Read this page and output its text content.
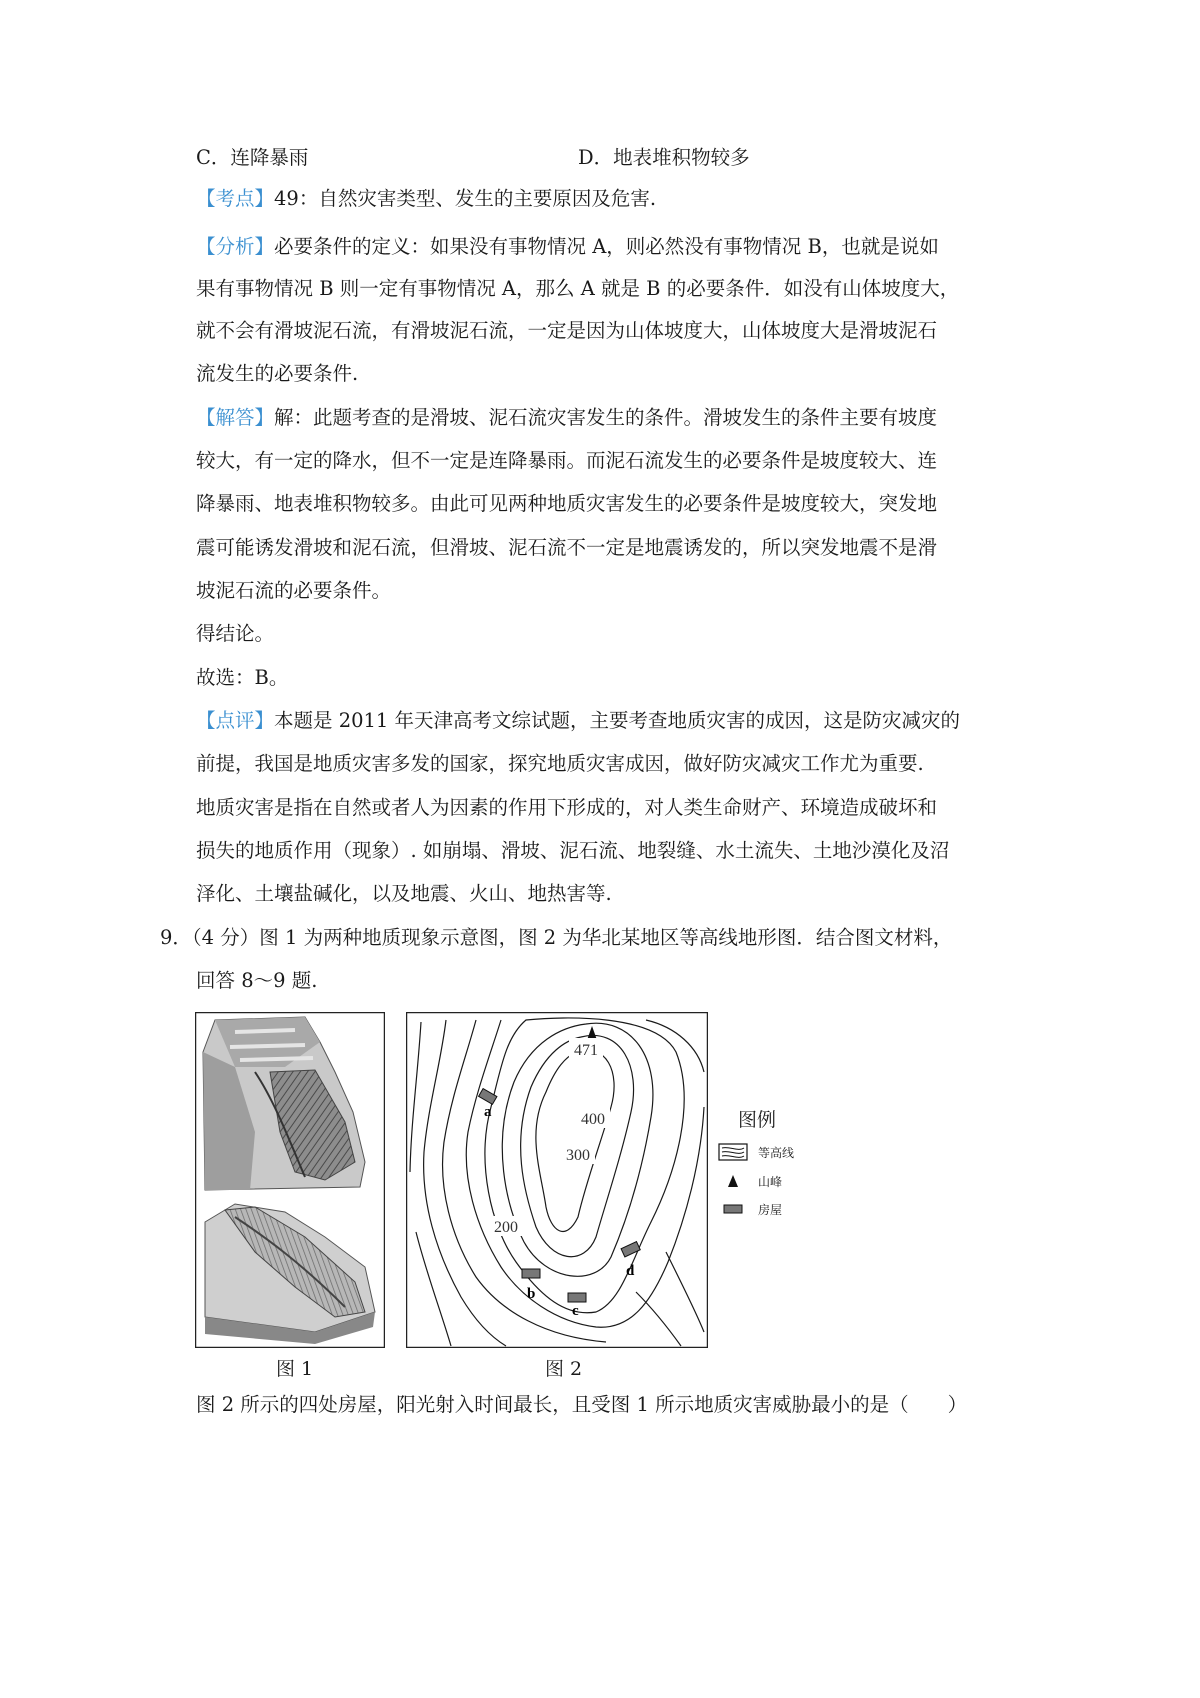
C．连降暴雨	D．地表堆积物较多
【考点】49：自然灾害类型、发生的主要原因及危害.
【分析】必要条件的定义：如果没有事物情况 A，则必然没有事物情况 B，也就是说如
果有事物情况 B 则一定有事物情况 A，那么 A 就是 B 的必要条件．如没有山体坡度大，
就不会有滑坡泥石流，有滑坡泥石流，一定是因为山体坡度大，山体坡度大是滑坡泥石
流发生的必要条件.
【解答】解：此题考查的是滑坡、泥石流灾害发生的条件。滑坡发生的条件主要有坡度
较大，有一定的降水，但不一定是连降暴雨。而泥石流发生的必要条件是坡度较大、连
降暴雨、地表堆积物较多。由此可见两种地质灾害发生的必要条件是坡度较大，突发地
震可能诱发滑坡和泥石流，但滑坡、泥石流不一定是地震诱发的，所以突发地震不是滑
坡泥石流的必要条件。
得结论。
故选：B。
【点评】本题是 2011 年天津高考文综试题，主要考查地质灾害的成因，这是防灾减灾的
前提，我国是地质灾害多发的国家，探究地质灾害成因，做好防灾减灾工作尤为重要.
地质灾害是指在自然或者人为因素的作用下形成的，对人类生命财产、环境造成破坏和
损失的地质作用（现象）. 如崩塌、滑坡、泥石流、地裂缝、水土流失、土地沙漠化及沼
泽化、土壤盐碱化，以及地震、火山、地热害等.
9．（4 分）图 1 为两种地质现象示意图，图 2 为华北某地区等高线地形图．结合图文材料，
回答 8～9 题.
图 1
471
400
300
200
a
b
c
d
图 2
图例
等高线
山峰
房屋
图 2 所示的四处房屋，阳光射入时间最长，且受图 1 所示地质灾害威胁最小的是（　　）
